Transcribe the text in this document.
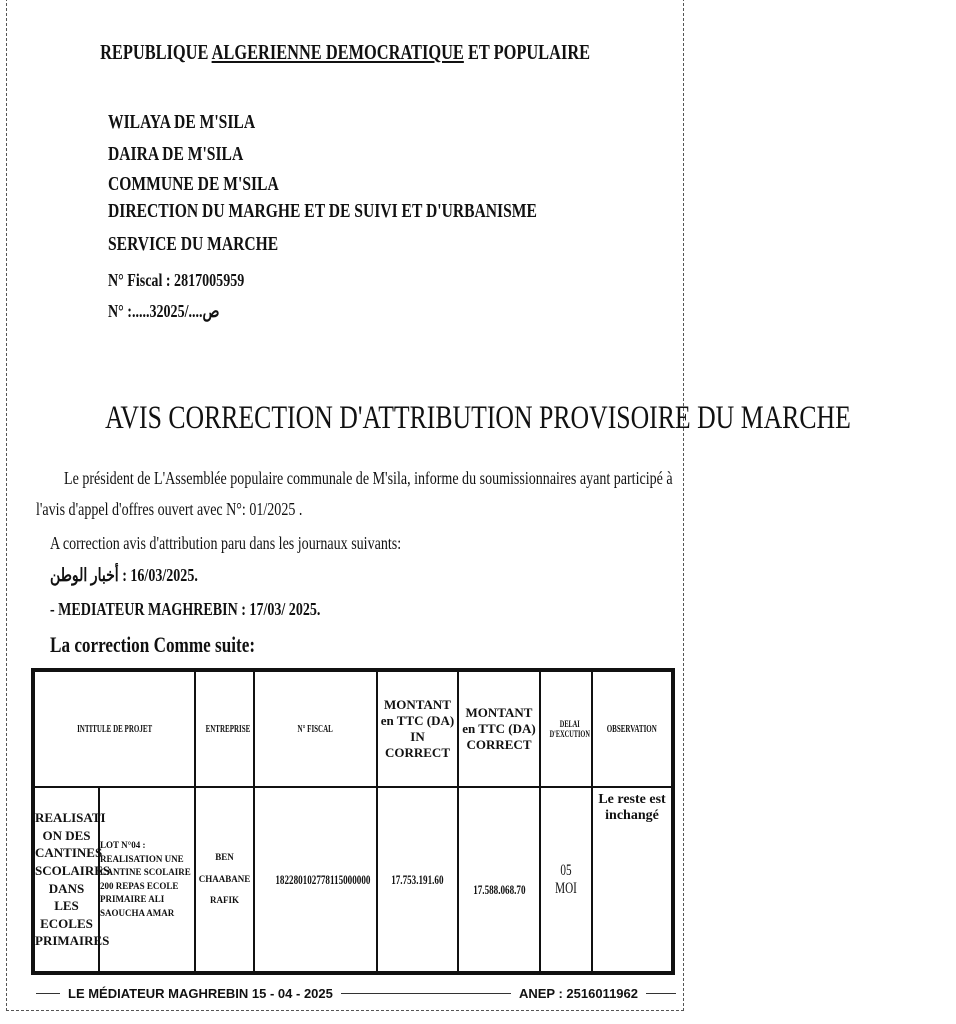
REPUBLIQUE ALGERIENNE DEMOCRATIQUE ET POPULAIRE
WILAYA DE M'SILA
DAIRA DE M'SILA
COMMUNE DE M'SILA
DIRECTION DU MARGHE ET DE SUIVI ET D'URBANISME
SERVICE DU MARCHE
N° Fiscal : 2817005959
N° :.....3ص..../2025
AVIS CORRECTION D'ATTRIBUTION PROVISOIRE DU MARCHE
Le président de L'Assemblée populaire communale de M'sila, informe du soumissionnaires ayant participé à
l'avis d'appel d'offres ouvert avec N°: 01/2025 .
A correction avis d'attribution paru dans les journaux suivants:
أخبار الوطن : 16/03/2025.
- MEDIATEUR MAGHREBIN : 17/03/ 2025.
La correction Comme suite:
INTITULE DE PROJET		ENTREPRISE	N° FISCAL	MONTANT en TTC (DA) IN CORRECT	MONTANT en TTC (DA) CORRECT	DELAI D'EXCUTION	OBSERVATION
REALISATI ON DES CANTINES SCOLAIRES DANS LES ECOLES PRIMAIRES	LOT N°04 : REALISATION UNE CANTINE SCOLAIRE 200 REPAS ECOLE PRIMAIRE ALI SAOUCHA AMAR	BEN CHAABANE RAFIK	182280102778115000000	17.753.191.60	17.588.068.70	05 MOI	Le reste est inchangé
LE MÉDIATEUR MAGHREBIN 15 - 04 - 2025	ANEP : 2516011962
